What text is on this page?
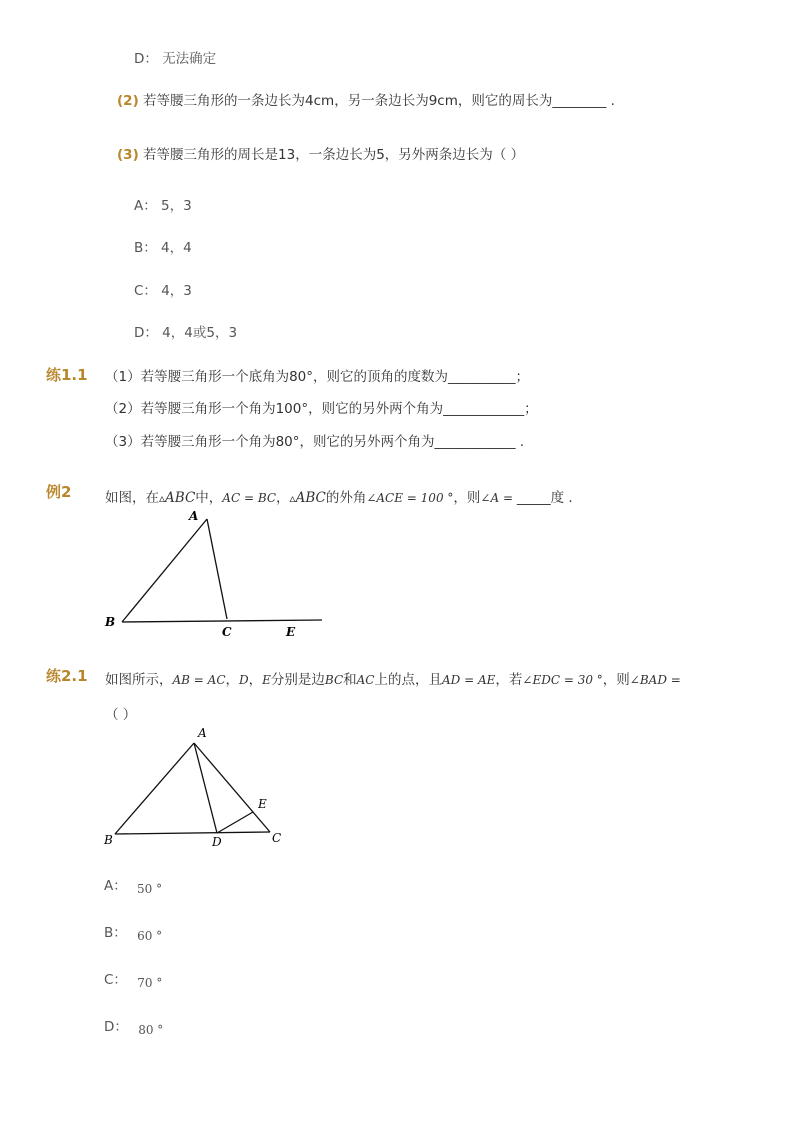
D： 无法确定
(2) 若等腰三角形的一条边长为4cm，另一条边长为9cm，则它的周长为________ .
(3) 若等腰三角形的周长是13，一条边长为5，另外两条边长为（ ）
A： 5，3
B： 4，4
C： 4，3
D： 4，4或5，3
练1.1 （1）若等腰三角形一个底角为80°，则它的顶角的度数为__________；
（2）若等腰三角形一个角为100°，则它的另外两个角为____________；
（3）若等腰三角形一个角为80°，则它的另外两个角为____________ .
例2 如图，在▵ABC中，AC = BC，▵ABC的外角∠ACE = 100 °，则∠A = _____度 .
A
B
C	E
练2.1 如图所示，AB = AC，D，E分别是边BC和AC上的点，且AD = AE，若∠EDC = 30 °，则∠BAD =
（ ）
A
B	C
D
E
A： 50 °
B： 60 °
C： 70 °
D： 80 °
